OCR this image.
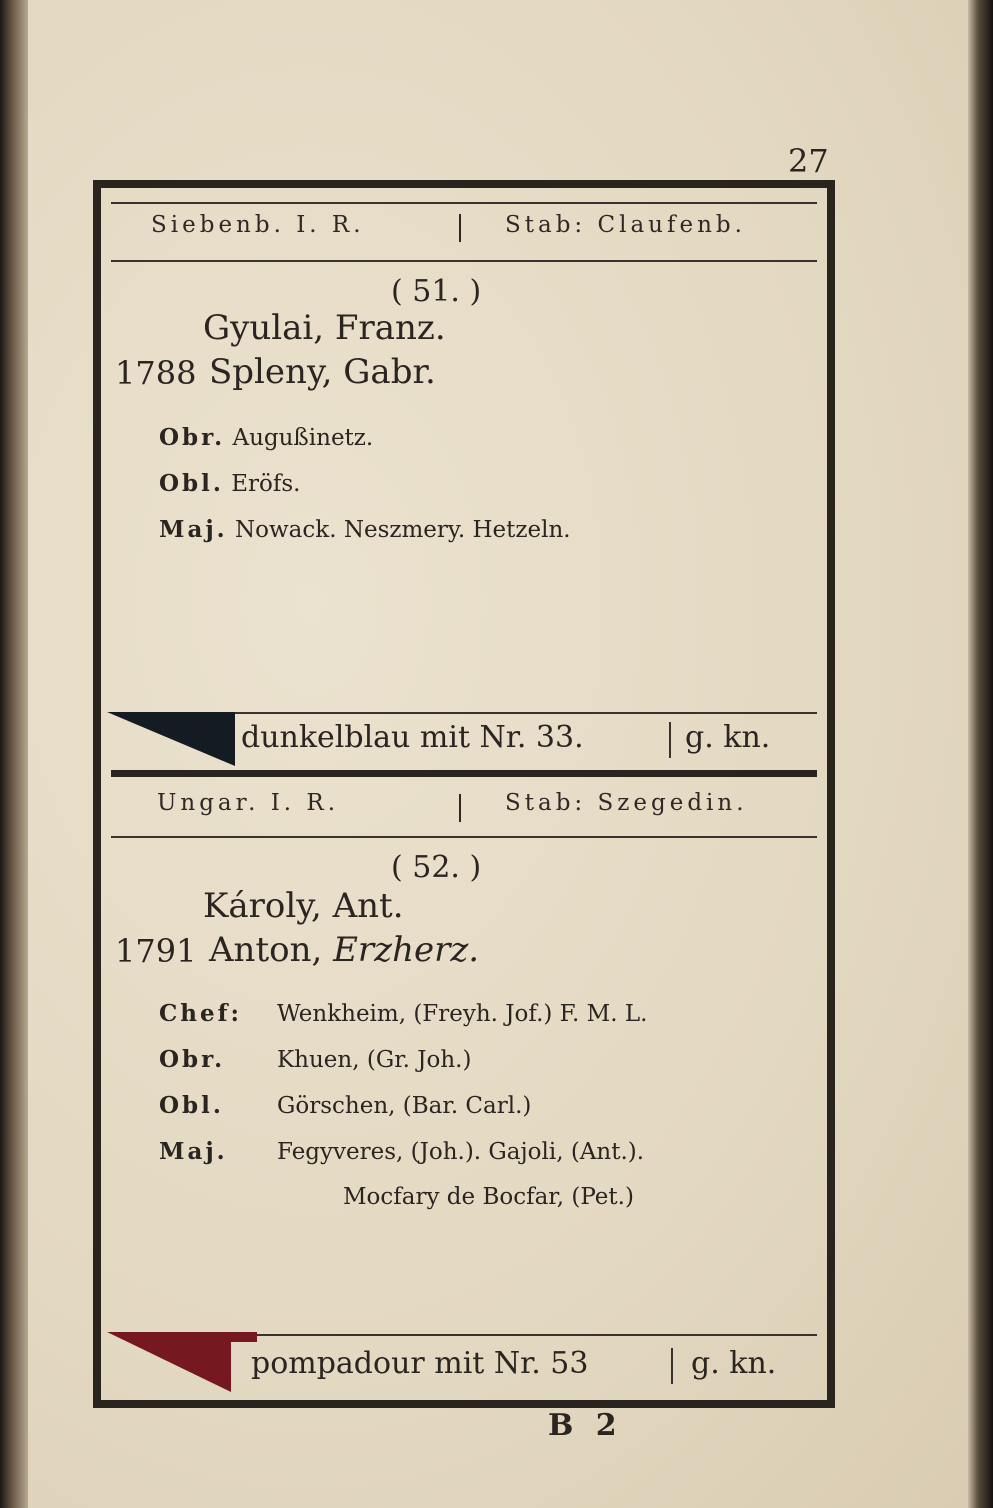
27
Siebenb. I. R.	Stab: Claufenb.
( 51. )
Gyulai, Franz.
1788 Spleny, Gabr.
Obr. Augußinetz.
Obl. Eröfs.
Maj. Nowack. Neszmery. Hetzeln.
dunkelblau mit Nr. 33.	g. kn.
Ungar. I. R.	Stab: Szegedin.
( 52. )
Károly, Ant.
1791 Anton, Erzherz.
Chef: Wenkheim, (Freyh. Jof.) F. M. L.
Obr. Khuen, (Gr. Joh.)
Obl. Görschen, (Bar. Carl.)
Maj. Fegyveres, (Joh.). Gajoli, (Ant.).
Mocfary de Bocfar, (Pet.)
pompadour mit Nr. 53	g. kn.
B 2
